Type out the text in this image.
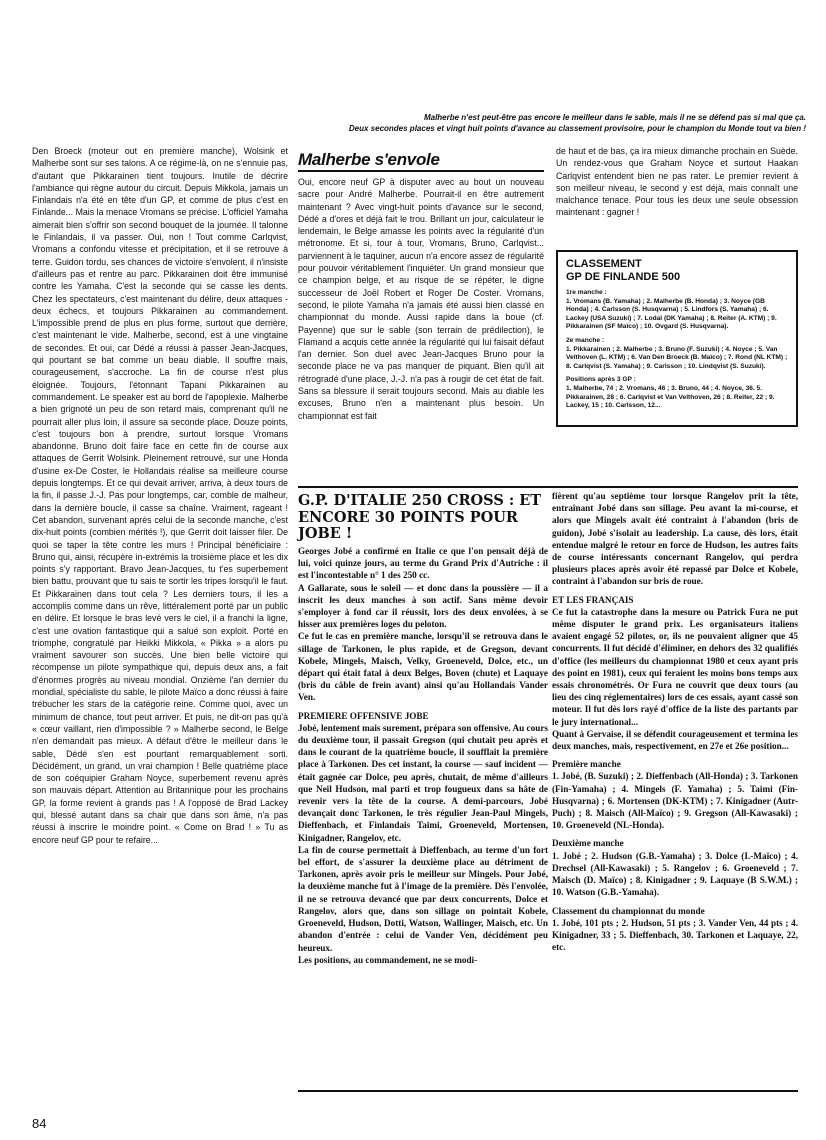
Malherbe n'est peut-être pas encore le meilleur dans le sable, mais il ne se défend pas si mal que ça.
Deux secondes places et vingt huit points d'avance au classement provisoire, pour le champion du Monde tout va bien !

Den Broeck (moteur out en première manche), Wolsink et Malherbe sont sur ses talons. A ce régime-là, on ne s'ennuie pas, d'autant que Pikkarainen tient toujours. Inutile de décrire l'ambiance qui règne autour du circuit. Depuis Mikkola, jamais un Finlandais n'a été en tête d'un GP, et comme de plus c'est en Finlande... Mais la menace Vromans se précise. L'officiel Yamaha aimerait bien s'offrir son second bouquet de la journée. Il talonne le Finlandais, il va passer. Oui, non ! Tout comme Carlqvist, Vromans a confondu vitesse et précipitation, et il se retrouve à terre. Guidon tordu, ses chances de victoire s'envolent, il n'insiste d'ailleurs pas et rentre au parc. Pikkarainen doit être immunisé contre les Yamaha. C'est la seconde qui se casse les dents. Chez les spectateurs, c'est maintenant du délire, deux attaques - deux échecs, et toujours Pikkarainen au commandement. L'impossible prend de plus en plus forme, surtout que derrière, c'est maintenant le vide. Malherbe, second, est à une vingtaine de secondes. Et oui, car Dédé a réussi à passer Jean-Jacques, qui pourtant se bat comme un beau diable. Il souffre mais, courageusement, s'accroche. La fin de course n'est plus éloignée. Toujours, l'étonnant Tapani Pikkarainen au commandement. Le speaker est au bord de l'apoplexie. Malherbe a bien grignoté un peu de son retard mais, comprenant qu'il ne pourrait aller plus loin, il assure sa seconde place. Douze points, c'est toujours bon à prendre, surtout lorsque Vromans abandonne. Bruno doit faire face en cette fin de course aux attaques de Gerrit Wolsink. Pleinement retrouvé, sur une Honda d'usine ex-De Coster, le Hollandais réalise sa meilleure course depuis longtemps. Et ce qui devait arriver, arriva, à deux tours de la fin, il passe J.-J. Pas pour longtemps, car, comble de malheur, dans la dernière boucle, il casse sa chaîne. Vraiment, rageant ! Cet abandon, survenant après celui de la seconde manche, c'est dix-huit points (combien mérités !), que Gerrit doit laisser filer. De quoi se taper la tête contre les murs ! Principal bénéficiaire : Bruno qui, ainsi, récupère in-extrémis la troisième place et les dix points s'y rapportant. Bravo Jean-Jacques, tu t'es superbement bien battu, prouvant que tu sais te sortir les tripes lorsqu'il le faut. Et Pikkarainen dans tout cela ? Les derniers tours, il les a accomplis comme dans un rêve, littéralement porté par un public en délire. Et lorsque le bras levé vers le ciel, il a franchi la ligne, c'est une ovation fantastique qui a salué son exploit. Porté en triomphe, congratulé par Heikki Mikkola, « Pikka » a alors pu vraiment savourer son succès. Une bien belle victoire qui récompense un pilote sympathique qui, depuis deux ans, a fait d'énormes progrès au niveau mondial. Onzième l'an dernier du mondial, spécialiste du sable, le pilote Maïco a donc réussi à faire trébucher les stars de la catégorie reine. Comme quoi, avec un minimum de chance, tout peut arriver. Et puis, ne dit-on pas qu'à « cœur vaillant, rien d'impossible ? » Malherbe second, le Belge n'en demandait pas mieux. A défaut d'être le meilleur dans le sable, Dédé s'en est pourtant remarquablement sorti. Décidément, un grand, un vrai champion ! Belle quatrième place de son coéquipier Graham Noyce, superbement revenu après son mauvais départ. Attention au Britannique pour les prochains GP, la forme revient à grands pas ! A l'opposé de Brad Lackey qui, blessé autant dans sa chair que dans son âme, n'a pas réussi à inscrire le moindre point. « Come on Brad ! » Tu as encore neuf GP pour te refaire...

Malherbe s'envole

Oui, encore neuf GP à disputer avec au bout un nouveau sacre pour André Malherbe. Pourrait-il en être autrement maintenant ? Avec vingt-huit points d'avance sur le second, Dédé a d'ores et déjà fait le trou. Brillant un jour, calculateur le lendemain, le Belge amasse les points avec la régularité d'un métronome. Et si, tour à tour, Vromans, Bruno, Carlqvist... parviennent à le taquiner, aucun n'a encore assez de régularité pour pouvoir véritablement l'inquiéter. Un grand monsieur que ce champion belge, et au risque de se répéter, le digne successeur de Joël Robert et Roger De Coster. Vromans, second, le pilote Yamaha n'a jamais été aussi bien classé en championnat du monde. Aussi rapide dans la boue (cf. Payenne) que sur le sable (son terrain de prédilection), le Flamand a acquis cette année la régularité qui lui faisait défaut l'an dernier. Son duel avec Jean-Jacques Bruno pour la seconde place ne va pas manquer de piquant. Bien qu'il ait rétrogradé d'une place, J.-J. n'a pas à rougir de cet état de fait. Sans sa blessure il serait toujours second. Mais au diable les excuses, Bruno n'en a maintenant plus besoin. Un championnat est fait

de haut et de bas, ça ira mieux dimanche prochain en Suède. Un rendez-vous que Graham Noyce et surtout Haakan Carlqvist entendent bien ne pas rater. Le premier revient à son meilleur niveau, le second y est déjà, mais connaît une malchance tenace. Pour tous les deux une seule obsession maintenant : gagner !

CLASSEMENT
GP DE FINLANDE 500
1re manche :
1. Vromans (B. Yamaha) ; 2. Malherbe (B. Honda) ; 3. Noyce (GB Honda) ; 4. Carlsson (S. Husqvarna) ; 5. Lindfors (S. Yamaha) ; 6. Lackey (USA Suzuki) ; 7. Lodal (DK Yamaha) ; 8. Reiter (A. KTM) ; 9. Pikkarainen (SF Maïco) ; 10. Ovgard (S. Husqvarna).
2e manche :
1. Pikkarainen ; 2. Malherbe ; 3. Bruno (F. Suzuki) ; 4. Noyce ; 5. Van Velthoven (L. KTM) ; 6. Van Den Broeck (B. Maïco) ; 7. Rond (NL KTM) ; 8. Carlqvist (S. Yamaha) ; 9. Carlsson ; 10. Lindqvist (S. Suzuki).
Positions après 3 GP :
1. Malherbe, 74 ; 2. Vromans, 46 ; 3. Bruno, 44 ; 4. Noyce, 36. 5. Pikkarainen, 28 ; 6. Carlqvist et Van Velthoven, 26 ; 8. Reiter, 22 ; 9. Lackey, 15 ; 10. Carlsson, 12...
G.P. D'ITALIE 250 CROSS : ET ENCORE 30 POINTS POUR JOBE !

Georges Jobé a confirmé en Italie ce que l'on pensait déjà de lui, voici quinze jours, au terme du Grand Prix d'Autriche : il est l'incontestable n° 1 des 250 cc.

A Gallarate, sous le soleil — et donc dans la poussière — il a inscrit les deux manches à son actif. Sans même devoir s'employer à fond car il réussit, lors des deux envolées, à se hisser aux premières loges du peloton.

Ce fut le cas en première manche, lorsqu'il se retrouva dans le sillage de Tarkonen, le plus rapide, et de Gregson, devant Kobele, Mingels, Maisch, Velky, Groeneveld, Dolce, etc., un départ qui était fatal à deux Belges, Boven (chute) et Laquaye (bris du câble de frein avant) ainsi qu'au Hollandais Vander Ven.

PREMIERE OFFENSIVE JOBE

Jobé, lentement mais surement, prépara son offensive. Au cours du deuxième tour, il passait Gregson (qui chutait peu après et dans le courant de la quatrième boucle, il soufflait la première place à Tarkonen. Des cet instant, la course — sauf incident — était gagnée car Dolce, peu après, chutait, de même d'ailleurs que Neil Hudson, mal parti et trop fougueux dans sa hâte de revenir vers la tête de la course. A demi-parcours, Jobé devançait donc Tarkonen, le très régulier Jean-Paul Mingels, Dieffenbach, et Finlandais Taimi, Groeneveld, Mortensen, Kinigadner, Rangelov, etc.

La fin de course permettait à Dieffenbach, au terme d'un fort bel effort, de s'assurer la deuxième place au détriment de Tarkonen, après avoir pris le meilleur sur Mingels. Pour Jobé, la deuxième manche fut à l'image de la première. Dès l'envolée, il ne se retrouva devancé que par deux concurrents, Dolce et Rangelov, alors que, dans son sillage on pointait Kobele, Groeneveld, Hudson, Dotti, Watson, Wallinger, Maisch, etc. Un abandon d'entrée : celui de Vander Ven, décidément peu heureux.

Les positions, au commandement, ne se modi-

fièrent qu'au septième tour lorsque Rangelov prit la tête, entraînant Jobé dans son sillage. Peu avant la mi-course, et alors que Mingels avait été contraint à l'abandon (bris de guidon), Jobé s'isolait au leadership. La cause, dès lors, était entendue malgré le retour en force de Hudson, les autres faits de course intéressants concernant Rangelov, qui perdra plusieurs places après avoir été repassé par Dolce et Kobele, contraint à l'abandon sur bris de roue.

ET LES FRANÇAIS

Ce fut la catastrophe dans la mesure ou Patrick Fura ne put même disputer le grand prix. Les organisateurs italiens avaient engagé 52 pilotes, or, ils ne pouvaient aligner que 45 concurrents. Il fut décidé d'éliminer, en dehors des 32 qualifiés d'office (les meilleurs du championnat 1980 et ceux ayant pris des point en 1981), ceux qui feraient les moins bons temps aux essais chronométrés. Or Fura ne couvrit que deux tours (au lieu des cinq réglementaires) lors de ces essais, ayant cassé son moteur. Il fut dès lors rayé d'office de la liste des partants par le jury international...

Quant à Gervaise, il se défendit courageusement et termina les deux manches, mais, respectivement, en 27e et 26e position...

Première manche

1. Jobé, (B. Suzuki) ; 2. Dieffenbach (All-Honda) ; 3. Tarkonen (Fin-Yamaha) ; 4. Mingels (F. Yamaha) ; 5. Taimi (Fin-Husqvarna) ; 6. Mortensen (DK-KTM) ; 7. Kinigadner (Autr-Puch) ; 8. Maisch (All-Maïco) ; 9. Gregson (All-Kawasaki) ; 10. Groeneveld (NL-Honda).

Deuxième manche

1. Jobé ; 2. Hudson (G.B.-Yamaha) ; 3. Dolce (I.-Maïco) ; 4. Drechsel (All-Kawasaki) ; 5. Rangelov ; 6. Groeneveld ; 7. Maisch (D. Maïco) ; 8. Kinigadner ; 9. Laquaye (B S.W.M.) ; 10. Watson (G.B.-Yamaha).

Classement du championnat du monde

1. Jobé, 101 pts ; 2. Hudson, 51 pts ; 3. Vander Ven, 44 pts ; 4. Kinigadner, 33 ; 5. Dieffenbach, 30. Tarkonen et Laquaye, 22, etc.

84
